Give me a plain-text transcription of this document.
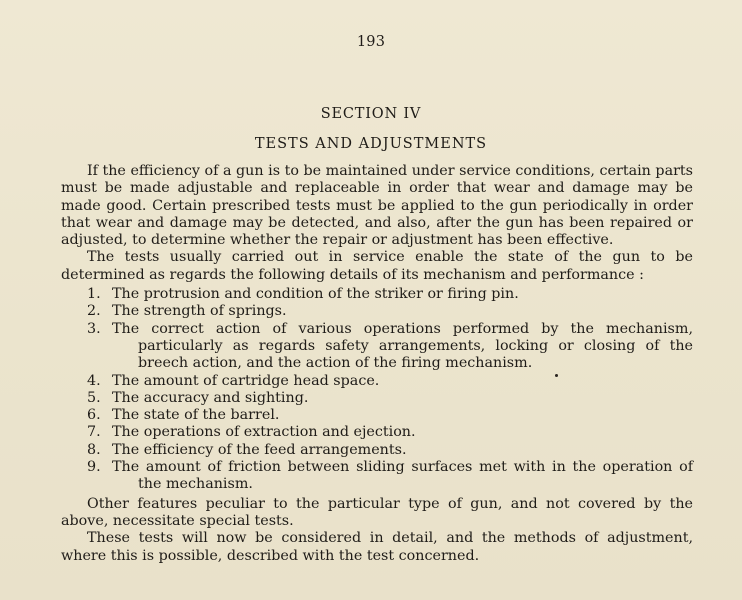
193
SECTION IV
TESTS AND ADJUSTMENTS

If the efficiency of a gun is to be maintained under service conditions, certain parts must be made adjustable and replaceable in order that wear and damage may be made good. Certain prescribed tests must be applied to the gun periodically in order that wear and damage may be detected, and also, after the gun has been repaired or adjusted, to determine whether the repair or adjustment has been effective.

The tests usually carried out in service enable the state of the gun to be determined as regards the following details of its mechanism and performance :

1. The protrusion and condition of the striker or firing pin.
2. The strength of springs.
3. The correct action of various operations performed by the mechanism, particularly as regards safety arrangements, locking or closing of the breech action, and the action of the firing mechanism.
4. The amount of cartridge head space.
5. The accuracy and sighting.
6. The state of the barrel.
7. The operations of extraction and ejection.
8. The efficiency of the feed arrangements.
9. The amount of friction between sliding surfaces met with in the operation of the mechanism.

Other features peculiar to the particular type of gun, and not covered by the above, necessitate special tests.

These tests will now be considered in detail, and the methods of adjustment, where this is possible, described with the test concerned.
